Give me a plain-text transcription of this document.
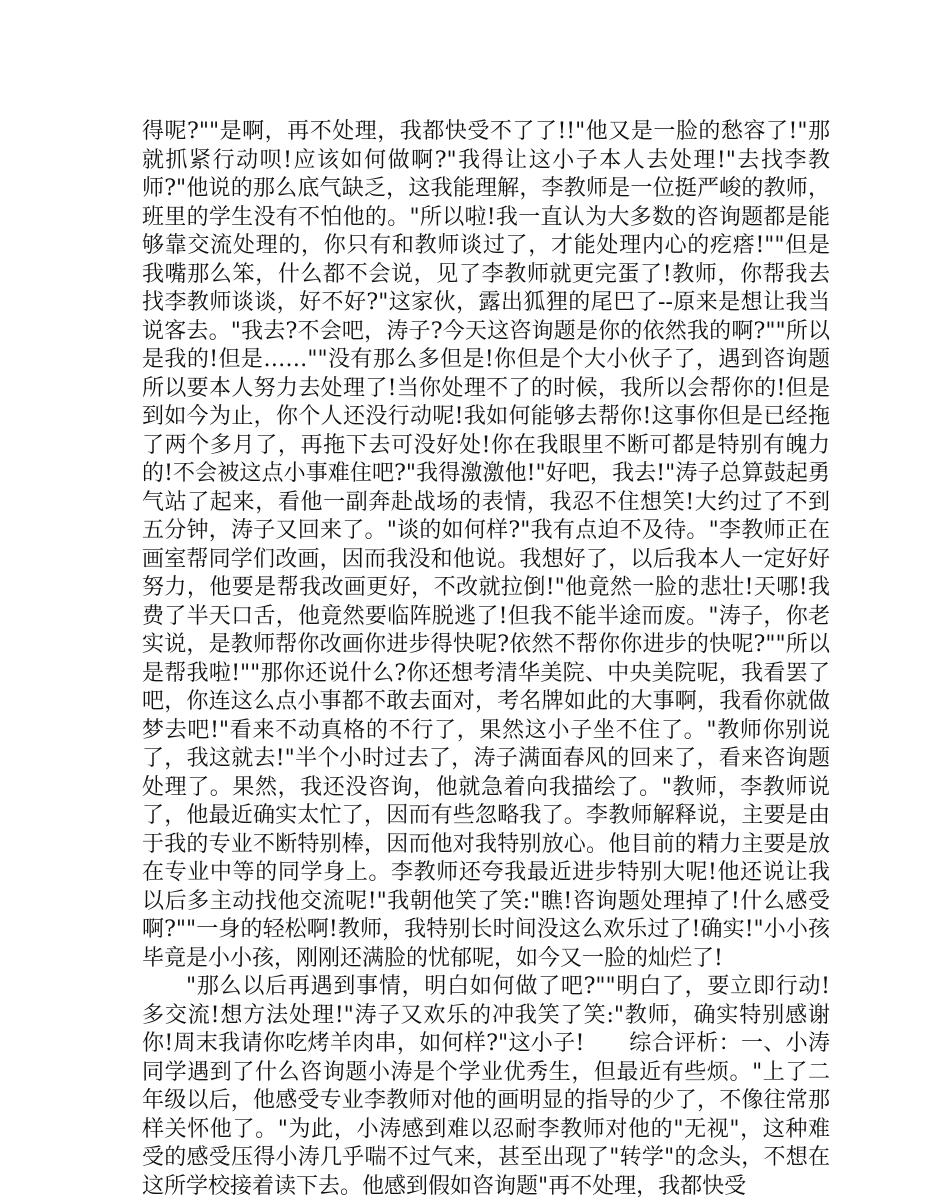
得呢?""是啊，再不处理，我都快受不了了!!"他又是一脸的愁容了!"那就抓紧行动呗!应该如何做啊?"我得让这小子本人去处理!"去找李教师?"他说的那么底气缺乏，这我能理解，李教师是一位挺严峻的教师，班里的学生没有不怕他的。"所以啦!我一直认为大多数的咨询题都是能够靠交流处理的，你只有和教师谈过了，才能处理内心的疙瘩!""但是我嘴那么笨，什么都不会说，见了李教师就更完蛋了!教师，你帮我去找李教师谈谈，好不好?"这家伙，露出狐狸的尾巴了--原来是想让我当说客去。"我去?不会吧，涛子?今天这咨询题是你的依然我的啊?""所以是我的!但是……""没有那么多但是!你但是个大小伙子了，遇到咨询题所以要本人努力去处理了!当你处理不了的时候，我所以会帮你的!但是到如今为止，你个人还没行动呢!我如何能够去帮你!这事你但是已经拖了两个多月了，再拖下去可没好处!你在我眼里不断可都是特别有魄力的!不会被这点小事难住吧?"我得激激他!"好吧，我去!"涛子总算鼓起勇气站了起来，看他一副奔赴战场的表情，我忍不住想笑!大约过了不到五分钟，涛子又回来了。"谈的如何样?"我有点迫不及待。"李教师正在画室帮同学们改画，因而我没和他说。我想好了，以后我本人一定好好努力，他要是帮我改画更好，不改就拉倒!"他竟然一脸的悲壮!天哪!我费了半天口舌，他竟然要临阵脱逃了!但我不能半途而废。"涛子，你老实说，是教师帮你改画你进步得快呢?依然不帮你你进步的快呢?""所以是帮我啦!""那你还说什么?你还想考清华美院、中央美院呢，我看罢了吧，你连这么点小事都不敢去面对，考名牌如此的大事啊，我看你就做梦去吧!"看来不动真格的不行了，果然这小子坐不住了。"教师你别说了，我这就去!"半个小时过去了，涛子满面春风的回来了，看来咨询题处理了。果然，我还没咨询，他就急着向我描绘了。"教师，李教师说了，他最近确实太忙了，因而有些忽略我了。李教师解释说，主要是由于我的专业不断特别棒，因而他对我特别放心。他目前的精力主要是放在专业中等的同学身上。李教师还夸我最近进步特别大呢!他还说让我以后多主动找他交流呢!"我朝他笑了笑:"瞧!咨询题处理掉了!什么感受啊?""一身的轻松啊!教师，我特别长时间没这么欢乐过了!确实!"小小孩毕竟是小小孩，刚刚还满脸的忧郁呢，如今又一脸的灿烂了!

"那么以后再遇到事情，明白如何做了吧?""明白了，要立即行动!多交流!想方法处理!"涛子又欢乐的冲我笑了笑:"教师，确实特别感谢你!周末我请你吃烤羊肉串，如何样?"这小子!　　综合评析：一、小涛同学遇到了什么咨询题小涛是个学业优秀生，但最近有些烦。"上了二年级以后，他感受专业李教师对他的画明显的指导的少了，不像往常那样关怀他了。"为此，小涛感到难以忍耐李教师对他的"无视"，这种难受的感受压得小涛几乎喘不过气来，甚至出现了"转学"的念头，不想在这所学校接着读下去。他感到假如咨询题"再不处理，我都快受
